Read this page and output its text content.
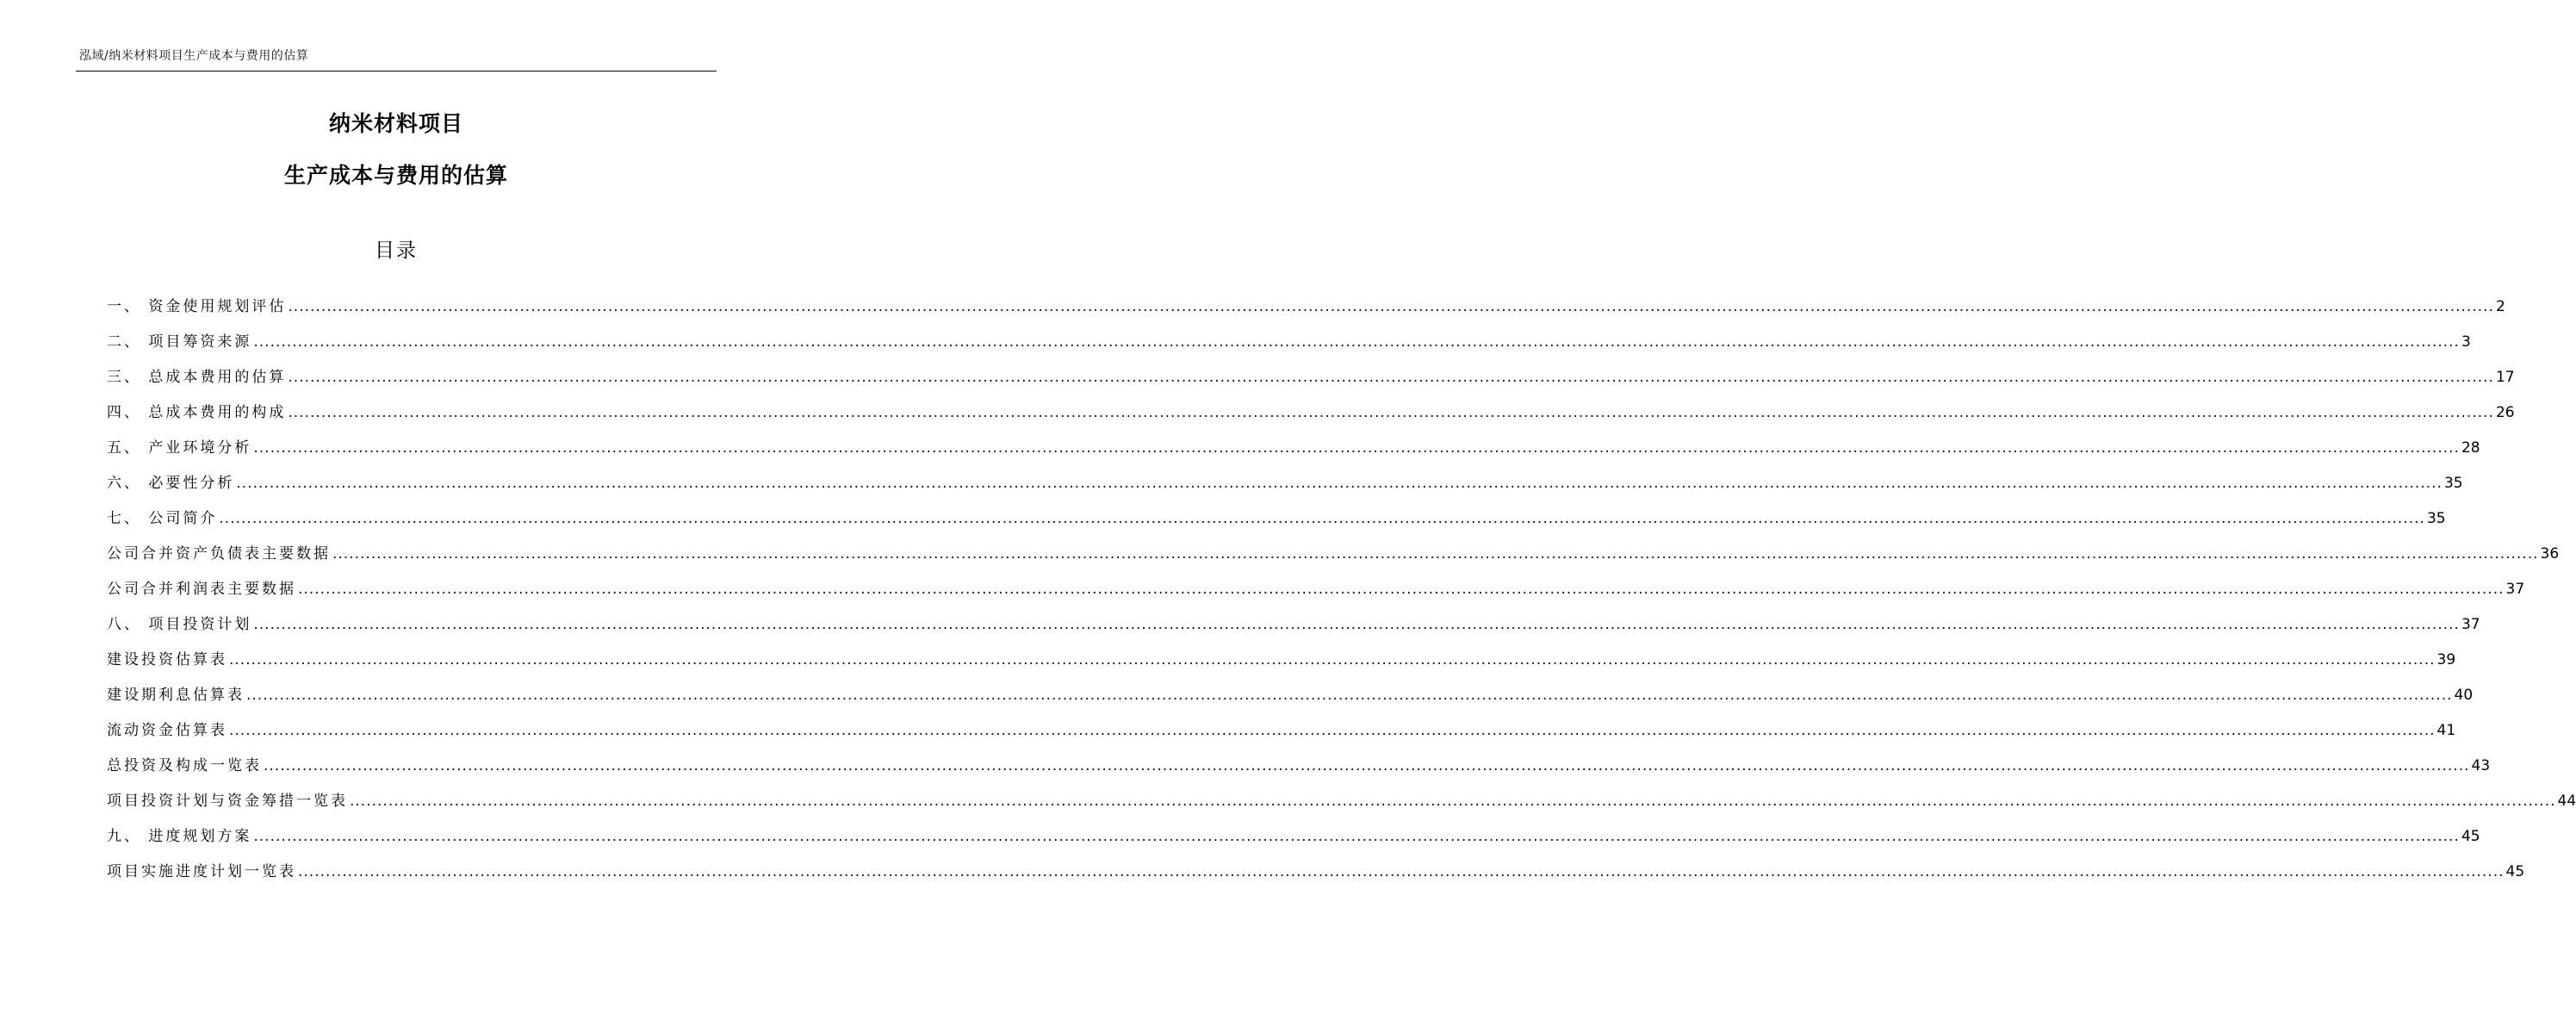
泓域/纳米材料项目生产成本与费用的估算
纳米材料项目
生产成本与费用的估算
目录
一、 资金使用规划评估 ................................................................................................................................................................................................................................................................................................................................................................................................................ 2
二、 项目筹资来源 ................................................................................................................................................................................................................................................................................................................................................................................................................ 3
三、 总成本费用的估算 ................................................................................................................................................................................................................................................................................................................................................................................................................ 17
四、 总成本费用的构成 ................................................................................................................................................................................................................................................................................................................................................................................................................ 26
五、 产业环境分析 ................................................................................................................................................................................................................................................................................................................................................................................................................ 28
六、 必要性分析 ................................................................................................................................................................................................................................................................................................................................................................................................................ 35
七、 公司简介 ................................................................................................................................................................................................................................................................................................................................................................................................................ 35
公司合并资产负债表主要数据 ................................................................................................................................................................................................................................................................................................................................................................................................................ 36
公司合并利润表主要数据 ................................................................................................................................................................................................................................................................................................................................................................................................................ 37
八、 项目投资计划 ................................................................................................................................................................................................................................................................................................................................................................................................................ 37
建设投资估算表 ................................................................................................................................................................................................................................................................................................................................................................................................................ 39
建设期利息估算表 ................................................................................................................................................................................................................................................................................................................................................................................................................ 40
流动资金估算表 ................................................................................................................................................................................................................................................................................................................................................................................................................ 41
总投资及构成一览表 ................................................................................................................................................................................................................................................................................................................................................................................................................ 43
项目投资计划与资金筹措一览表 ................................................................................................................................................................................................................................................................................................................................................................................................................ 44
九、 进度规划方案 ................................................................................................................................................................................................................................................................................................................................................................................................................ 45
项目实施进度计划一览表 ................................................................................................................................................................................................................................................................................................................................................................................................................ 45
